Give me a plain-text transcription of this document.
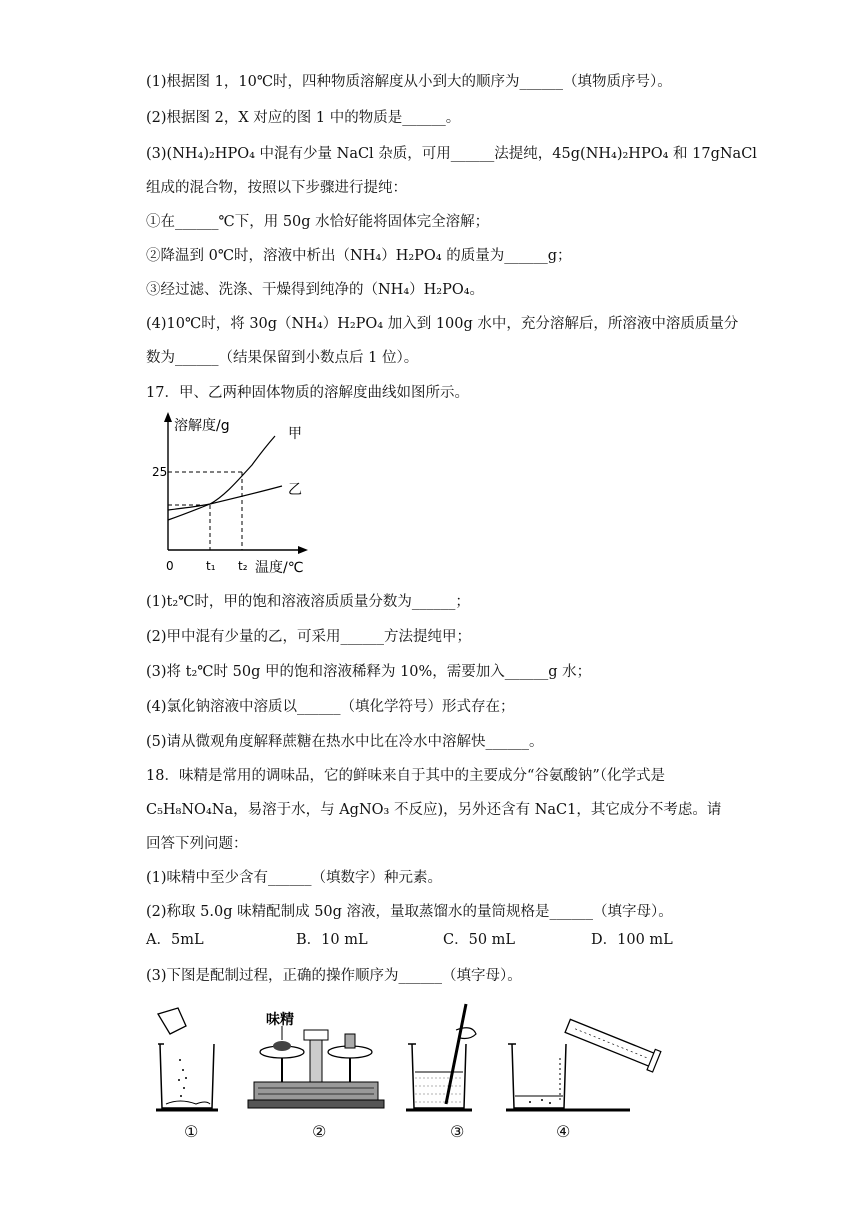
(1)根据图 1，10℃时，四种物质溶解度从小到大的顺序为______（填物质序号）。
(2)根据图 2，X 对应的图 1 中的物质是______。
(3)(NH₄)₂HPO₄ 中混有少量 NaCl 杂质，可用______法提纯，45g(NH₄)₂HPO₄ 和 17gNaCl
组成的混合物，按照以下步骤进行提纯：
①在______℃下，用 50g 水恰好能将固体完全溶解；
②降温到 0℃时，溶液中析出（NH₄）H₂PO₄ 的质量为______g；
③经过滤、洗涤、干燥得到纯净的（NH₄）H₂PO₄。
(4)10℃时，将 30g（NH₄）H₂PO₄ 加入到 100g 水中，充分溶解后，所溶液中溶质质量分
数为______（结果保留到小数点后 1 位）。
17．甲、乙两种固体物质的溶解度曲线如图所示。
溶解度/g	甲
乙
25
0	t₁ t₂ 温度/℃
(1)t₂℃时，甲的饱和溶液溶质质量分数为______；
(2)甲中混有少量的乙，可采用______方法提纯甲；
(3)将 t₂℃时 50g 甲的饱和溶液稀释为 10%，需要加入______g 水；
(4)氯化钠溶液中溶质以______（填化学符号）形式存在；
(5)请从微观角度解释蔗糖在热水中比在冷水中溶解快______。
18．味精是常用的调味品，它的鲜味来自于其中的主要成分“谷氨酸钠”（化学式是
C₅H₈NO₄Na，易溶于水，与 AgNO₃ 不反应)，另外还含有 NaC1，其它成分不考虑。请
回答下列问题：
(1)味精中至少含有______（填数字）种元素。
(2)称取 5.0g 味精配制成 50g 溶液，量取蒸馏水的量筒规格是______（填字母）。
A．5mL	B．10 mL	C．50 mL	D．100 mL
(3)下图是配制过程，正确的操作顺序为______（填字母）。
味精
①	②	③	④
